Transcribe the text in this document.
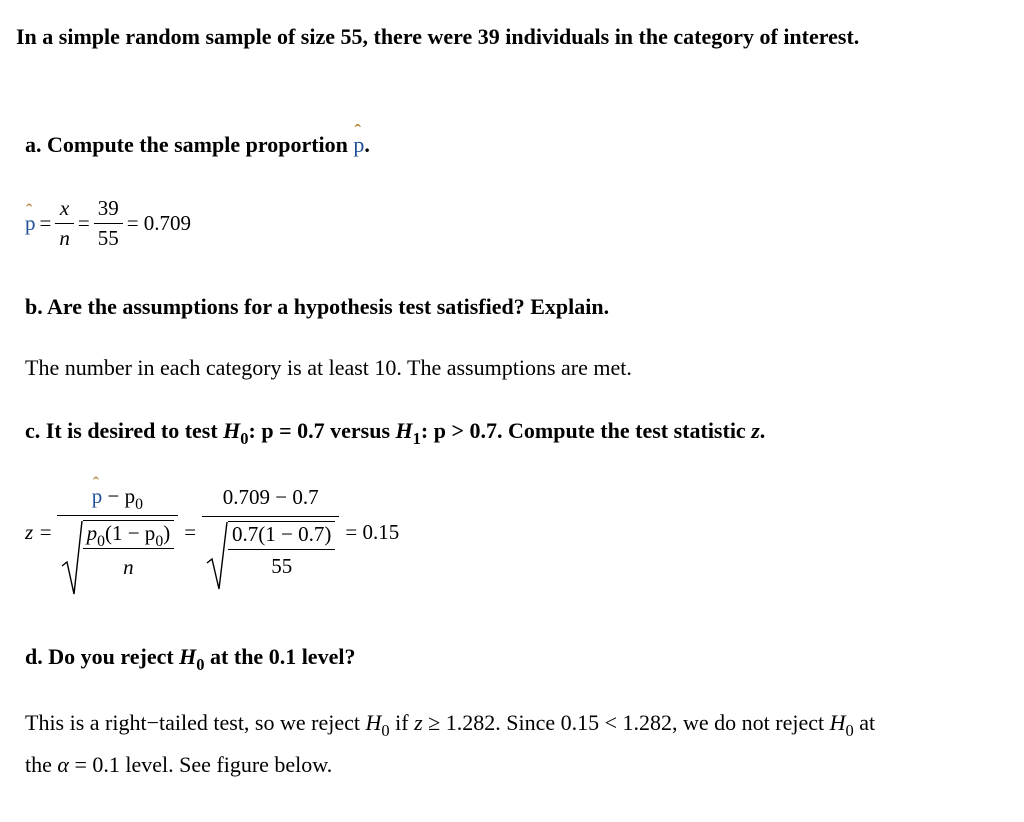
In a simple random sample of size 55, there were 39 individuals in the category of interest.
a. Compute the sample proportion ˆ p.
ˆ $p = \frac{x}{n} = \frac{39}{55} = 0.709$
b. Are the assumptions for a hypothesis test satisfied? Explain.
The number in each category is at least 10. The assumptions are met.
c. It is desired to test $H_0$: p = 0.7 versus $H_1$: p > 0.7. Compute the test statistic z.
z = ˆ $\frac{p - p_0}{\frac{p_0(1 - p_0)}{n}} = \frac{0.709 - 0.7}{\frac{0.7(1 - 0.7)}{55}} = 0.15$
d. Do you reject $H_0$ at the 0.1 level?
This is a right−tailed test, so we reject $H_0$ if z ≥ 1.282. Since 0.15 < 1.282, we do not reject $H_0$ at
the α = 0.1 level. See figure below.
